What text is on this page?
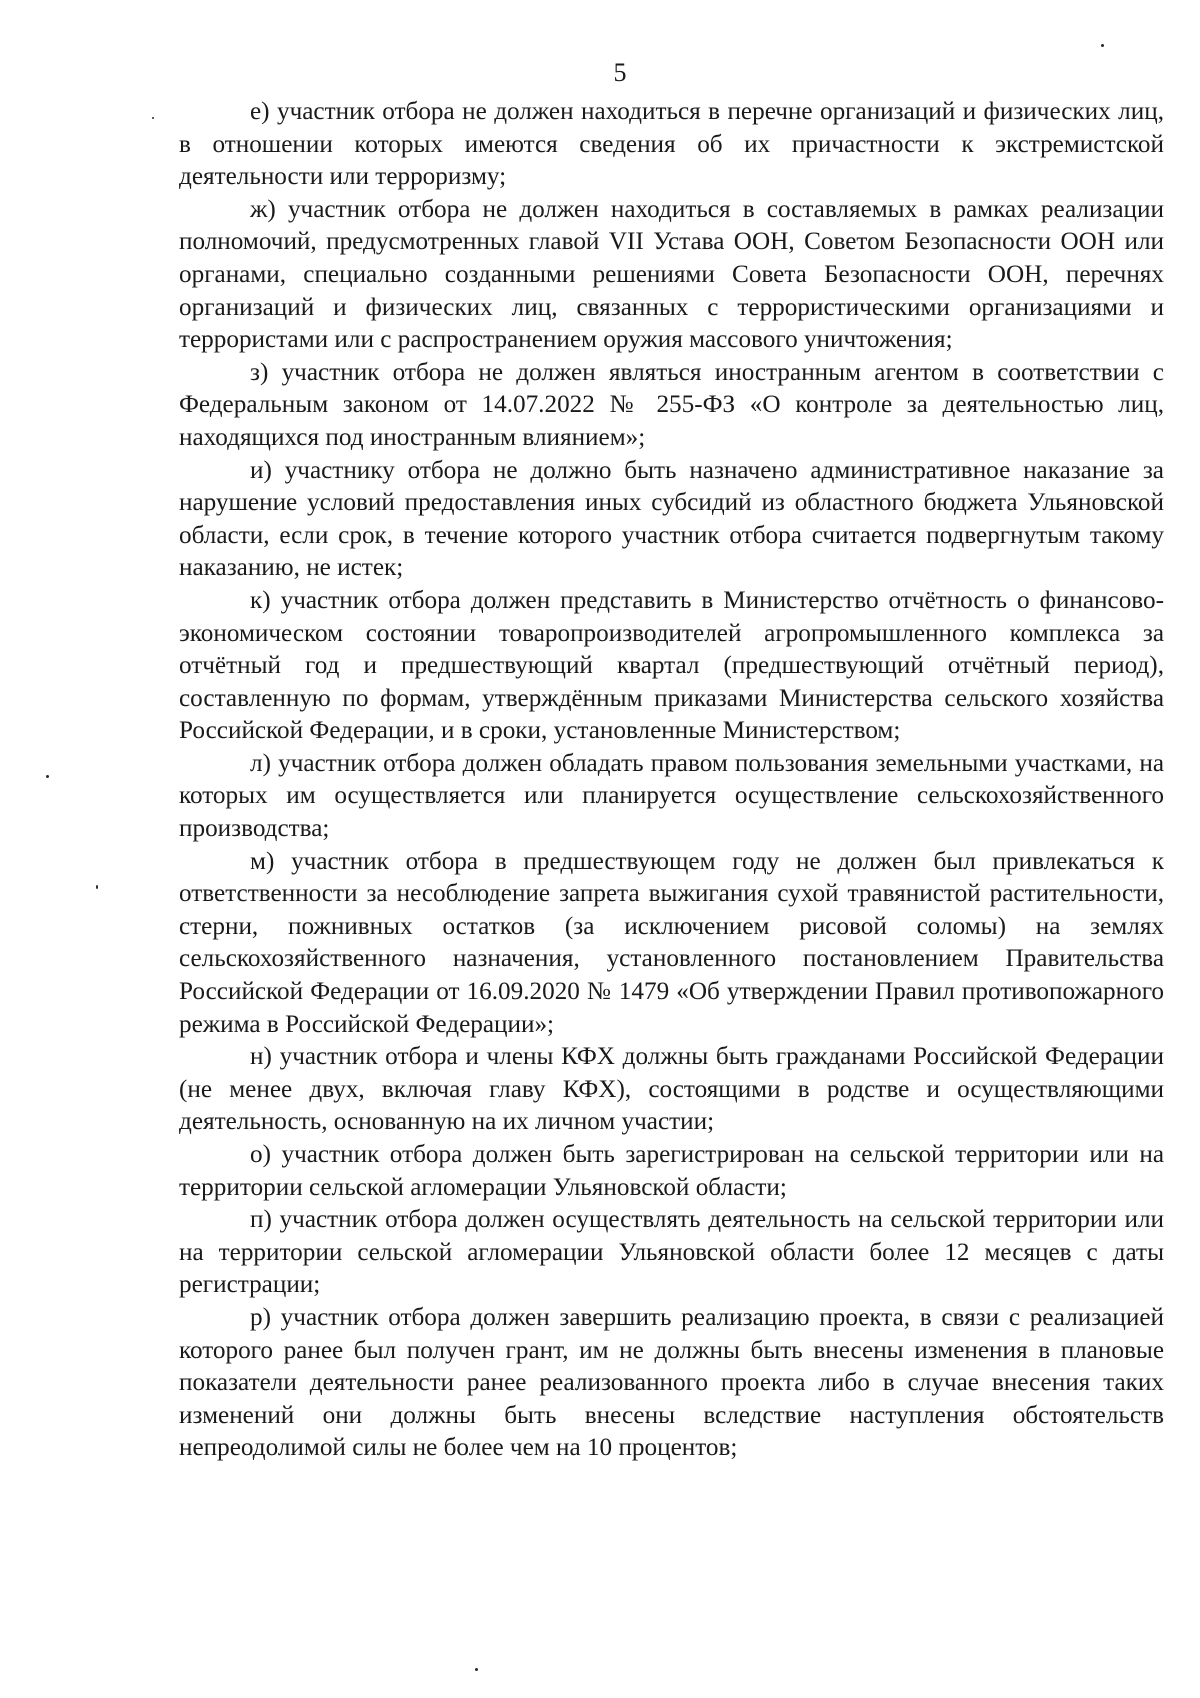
5

е) участник отбора не должен находиться в перечне организаций и физических лиц, в отношении которых имеются сведения об их причастности к экстремистской деятельности или терроризму;

ж) участник отбора не должен находиться в составляемых в рамках реализации полномочий, предусмотренных главой VII Устава ООН, Советом Безопасности ООН или органами, специально созданными решениями Совета Безопасности ООН, перечнях организаций и физических лиц, связанных с террористическими организациями и террористами или с распространением оружия массового уничтожения;

з) участник отбора не должен являться иностранным агентом в соответствии с Федеральным законом от 14.07.2022 № 255-ФЗ «О контроле за деятельностью лиц, находящихся под иностранным влиянием»;

и) участнику отбора не должно быть назначено административное наказание за нарушение условий предоставления иных субсидий из областного бюджета Ульяновской области, если срок, в течение которого участник отбора считается подвергнутым такому наказанию, не истек;

к) участник отбора должен представить в Министерство отчётность о финансово-экономическом состоянии товаропроизводителей агропромышленного комплекса за отчётный год и предшествующий квартал (предшествующий отчётный период), составленную по формам, утверждённым приказами Министерства сельского хозяйства Российской Федерации, и в сроки, установленные Министерством;

л) участник отбора должен обладать правом пользования земельными участками, на которых им осуществляется или планируется осуществление сельскохозяйственного производства;

м) участник отбора в предшествующем году не должен был привлекаться к ответственности за несоблюдение запрета выжигания сухой травянистой растительности, стерни, пожнивных остатков (за исключением рисовой соломы) на землях сельскохозяйственного назначения, установленного постановлением Правительства Российской Федерации от 16.09.2020 № 1479 «Об утверждении Правил противопожарного режима в Российской Федерации»;

н) участник отбора и члены КФХ должны быть гражданами Российской Федерации (не менее двух, включая главу КФХ), состоящими в родстве и осуществляющими деятельность, основанную на их личном участии;

о) участник отбора должен быть зарегистрирован на сельской территории или на территории сельской агломерации Ульяновской области;

п) участник отбора должен осуществлять деятельность на сельской территории или на территории сельской агломерации Ульяновской области более 12 месяцев с даты регистрации;

р) участник отбора должен завершить реализацию проекта, в связи с реализацией которого ранее был получен грант, им не должны быть внесены изменения в плановые показатели деятельности ранее реализованного проекта либо в случае внесения таких изменений они должны быть внесены вследствие наступления обстоятельств непреодолимой силы не более чем на 10 процентов;
